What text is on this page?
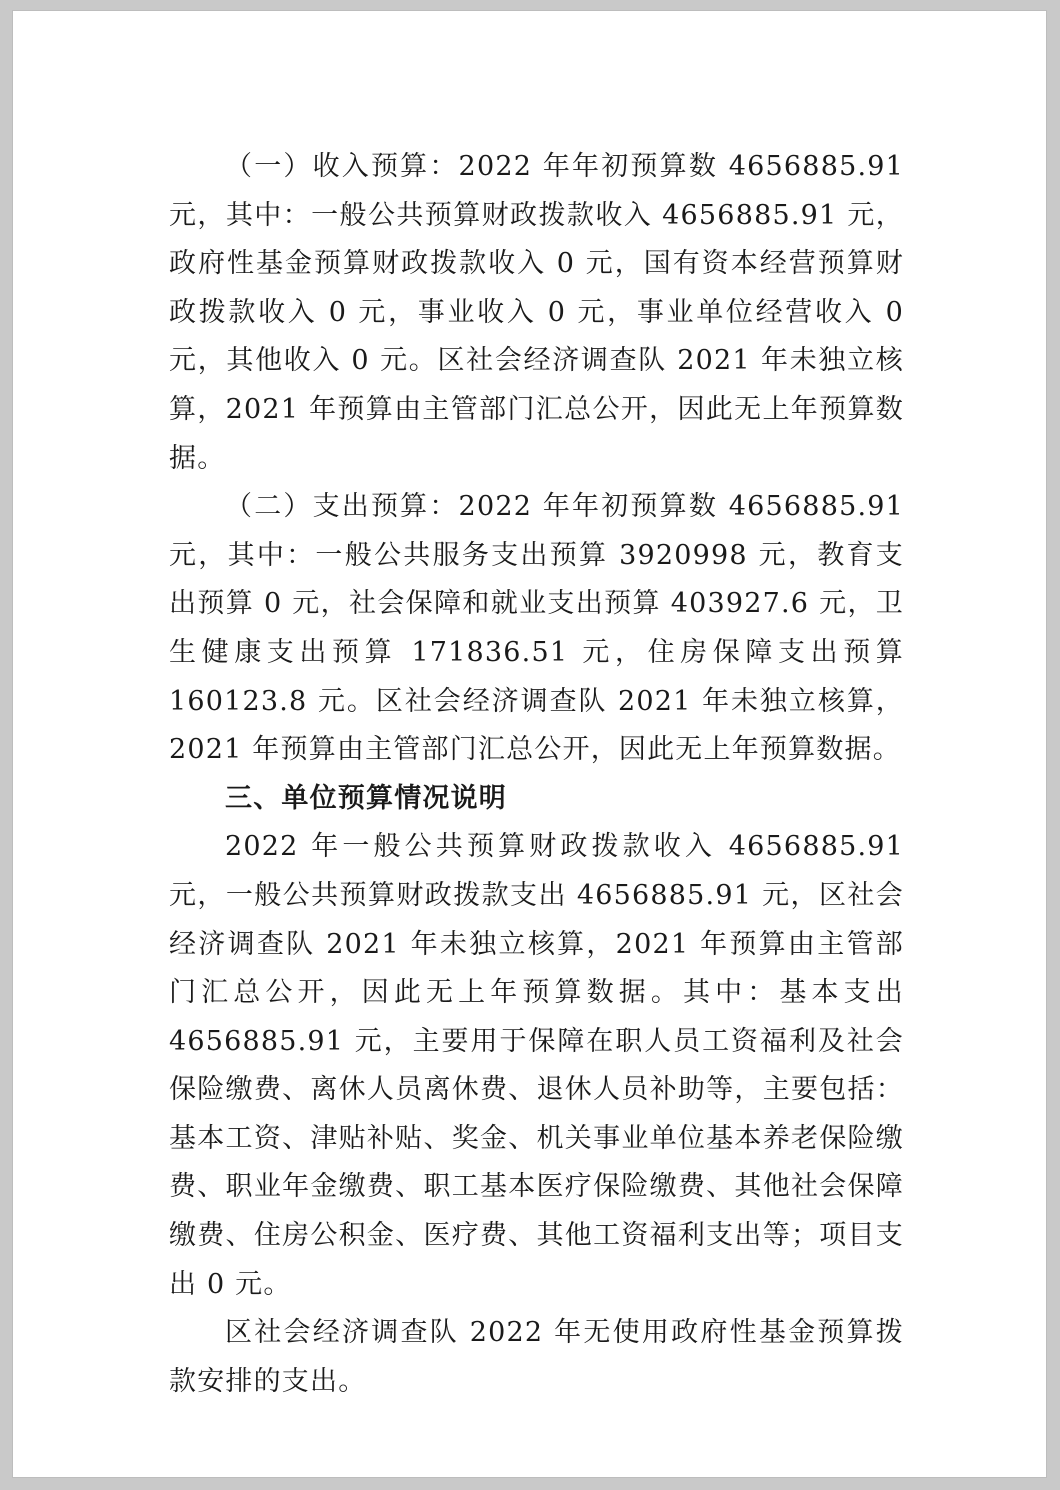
（一）收入预算：2022 年年初预算数 4656885.91 元，其中：一般公共预算财政拨款收入 4656885.91 元，政府性基金预算财政拨款收入 0 元，国有资本经营预算财政拨款收入 0 元，事业收入 0 元，事业单位经营收入 0 元，其他收入 0 元。区社会经济调查队 2021 年未独立核算，2021 年预算由主管部门汇总公开，因此无上年预算数据。

（二）支出预算：2022 年年初预算数 4656885.91 元，其中：一般公共服务支出预算 3920998 元，教育支出预算 0 元，社会保障和就业支出预算 403927.6 元，卫生健康支出预算 171836.51 元，住房保障支出预算 160123.8 元。区社会经济调查队 2021 年未独立核算，2021 年预算由主管部门汇总公开，因此无上年预算数据。

三、单位预算情况说明

2022 年一般公共预算财政拨款收入 4656885.91 元，一般公共预算财政拨款支出 4656885.91 元，区社会经济调查队 2021 年未独立核算，2021 年预算由主管部门汇总公开，因此无上年预算数据。其中：基本支出 4656885.91 元，主要用于保障在职人员工资福利及社会保险缴费、离休人员离休费、退休人员补助等，主要包括：基本工资、津贴补贴、奖金、机关事业单位基本养老保险缴费、职业年金缴费、职工基本医疗保险缴费、其他社会保障缴费、住房公积金、医疗费、其他工资福利支出等；项目支出 0 元。

区社会经济调查队 2022 年无使用政府性基金预算拨款安排的支出。
